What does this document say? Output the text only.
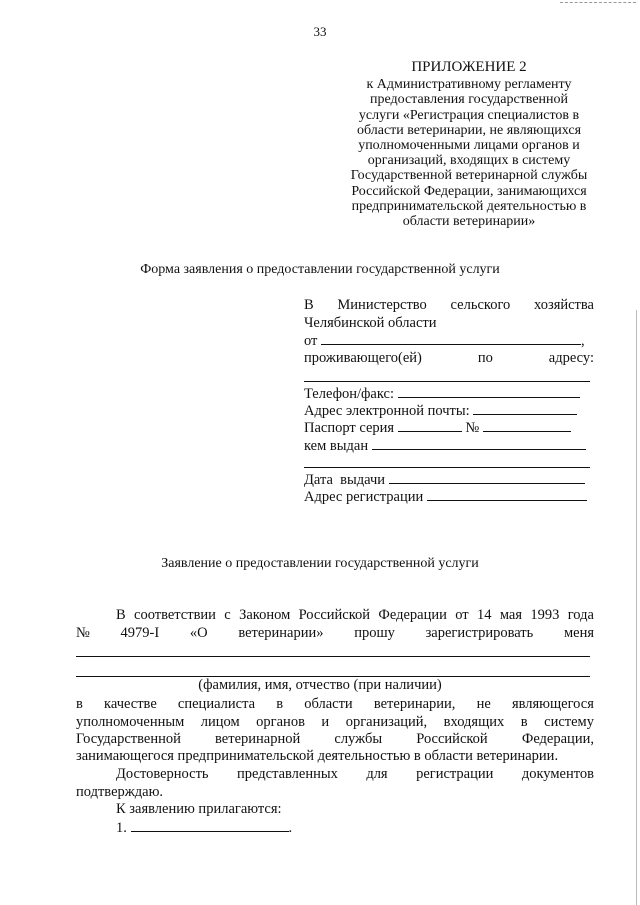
33
ПРИЛОЖЕНИЕ 2
к Административному регламенту
предоставления государственной
услуги «Регистрация специалистов в
области ветеринарии, не являющихся
уполномоченными лицами органов и
организаций, входящих в систему
Государственной ветеринарной службы
Российской Федерации, занимающихся
предпринимательской деятельностью в
области ветеринарии»
Форма заявления о предоставлении государственной услуги
В Министерство сельского хозяйства
Челябинской области
от	,
проживающего(ей)	по	адресу:
Телефон/факс:
Адрес электронной почты:
Паспорт серия	№
кем выдан
Дата  выдачи
Адрес регистрации
Заявление о предоставлении государственной услуги
В соответствии с Законом Российской Федерации от 14 мая 1993 года
№ 4979-I «О ветеринарии» прошу зарегистрировать меня
(фамилия, имя, отчество (при наличии)
в качестве специалиста в области ветеринарии, не являющегося
уполномоченным лицом органов и организаций, входящих в систему
Государственной ветеринарной службы Российской Федерации,
занимающегося предпринимательской деятельностью в области ветеринарии.
Достоверность представленных для регистрации документов
подтверждаю.
К заявлению прилагаются:
1.	.
